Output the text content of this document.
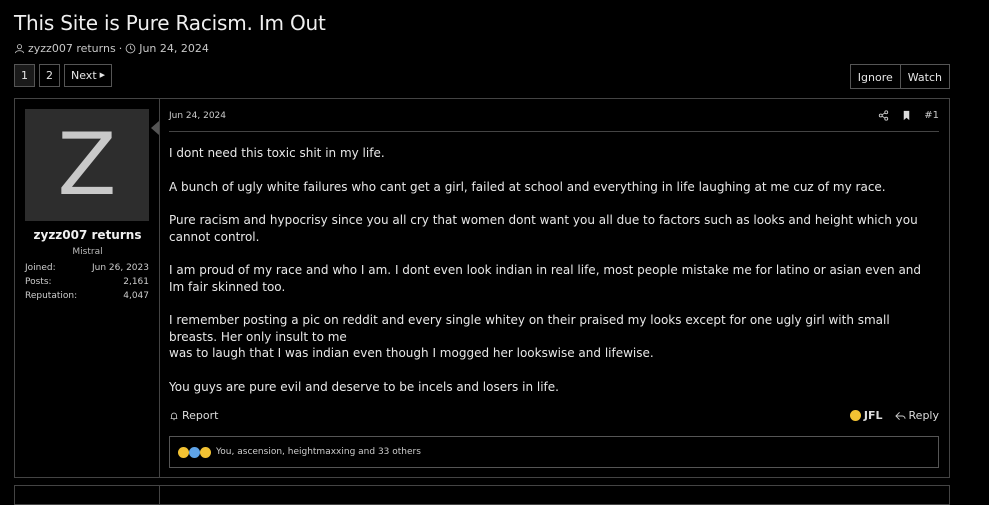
This Site is Pure Racism. Im Out
zyzz007 returns · Jun 24, 2024
1	2	Next ▶	Ignore	Watch
Z
zyzz007 returns
Mistral
Joined:	Jun 26, 2023
Posts:	2,161
Reputation:	4,047
Jun 24, 2024	#1

I dont need this toxic shit in my life.

A bunch of ugly white failures who cant get a girl, failed at school and everything in life laughing at me cuz of my race.

Pure racism and hypocrisy since you all cry that women dont want you all due to factors such as looks and height which you
cannot control.

I am proud of my race and who I am. I dont even look indian in real life, most people mistake me for latino or asian even and Im fair skinned too.

I remember posting a pic on reddit and every single whitey on their praised my looks except for one ugly girl with small breasts. Her only insult to me
was to laugh that I was indian even though I mogged her lookswise and lifewise.

You guys are pure evil and deserve to be incels and losers in life.

Report	JFL Reply
You, ascension, heightmaxxing and 33 others
